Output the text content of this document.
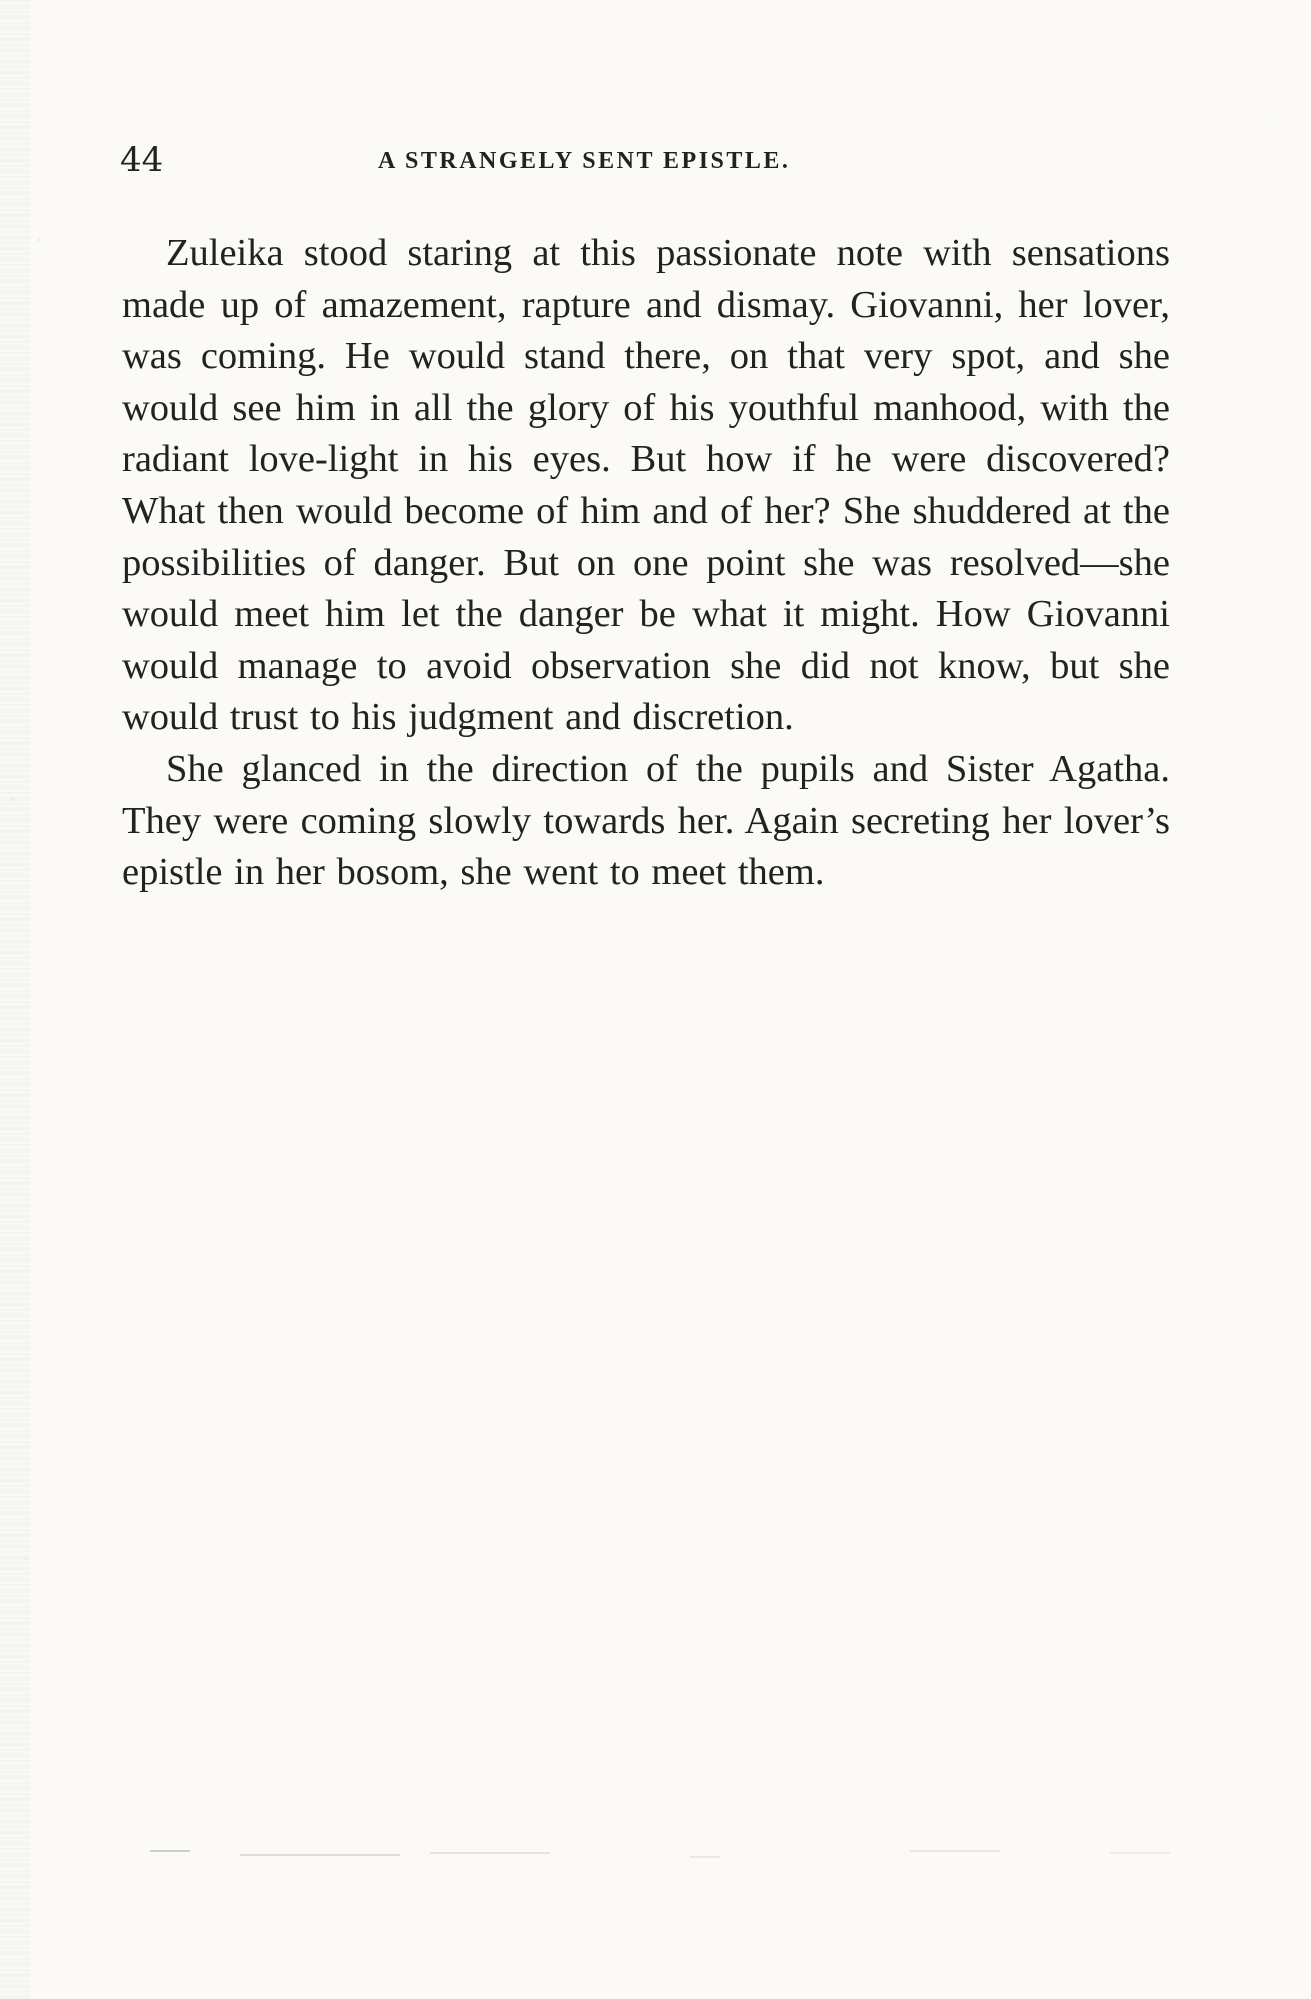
44	A STRANGELY SENT EPISTLE.

Zuleika stood staring at this passionate note with sensations made up of amazement, rapture and dismay. Giovanni, her lover, was coming. He would stand there, on that very spot, and she would see him in all the glory of his youthful manhood, with the radiant love-light in his eyes. But how if he were discovered? What then would become of him and of her? She shuddered at the possibilities of danger. But on one point she was resolved—she would meet him let the danger be what it might. How Giovanni would manage to avoid observation she did not know, but she would trust to his judgment and discretion.

She glanced in the direction of the pupils and Sister Agatha. They were coming slowly towards her. Again secreting her lover’s epistle in her bosom, she went to meet them.
